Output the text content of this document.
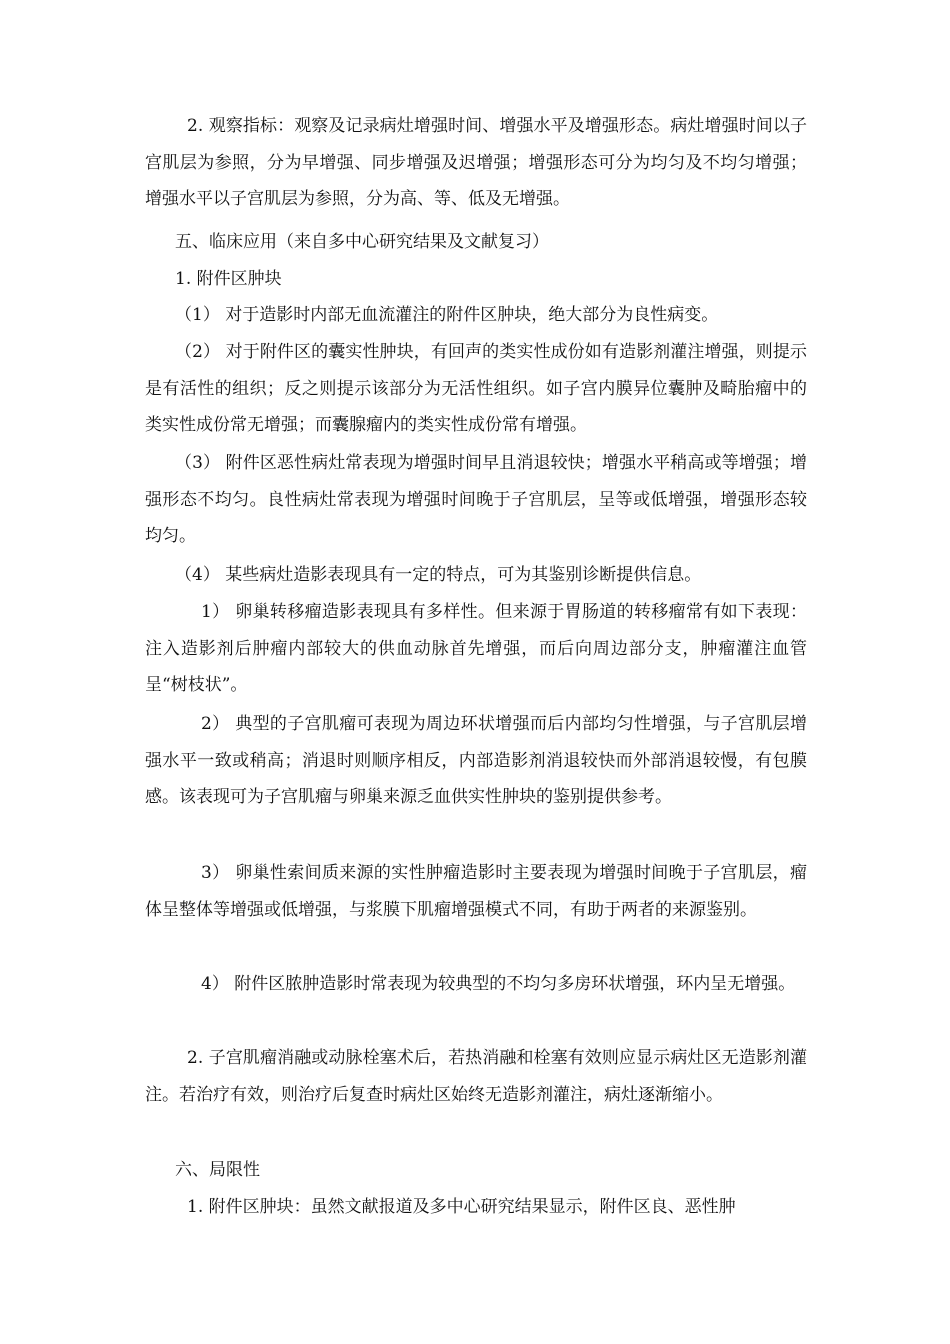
2. 观察指标：观察及记录病灶增强时间、增强水平及增强形态。病灶增强时间以子宫肌层为参照，分为早增强、同步增强及迟增强；增强形态可分为均匀及不均匀增强；增强水平以子宫肌层为参照，分为高、等、低及无增强。

五、临床应用（来自多中心研究结果及文献复习）

1. 附件区肿块

（1） 对于造影时内部无血流灌注的附件区肿块，绝大部分为良性病变。

（2） 对于附件区的囊实性肿块，有回声的类实性成份如有造影剂灌注增强，则提示是有活性的组织；反之则提示该部分为无活性组织。如子宫内膜异位囊肿及畸胎瘤中的类实性成份常无增强；而囊腺瘤内的类实性成份常有增强。

（3） 附件区恶性病灶常表现为增强时间早且消退较快；增强水平稍高或等增强；增强形态不均匀。良性病灶常表现为增强时间晚于子宫肌层，呈等或低增强，增强形态较均匀。

（4） 某些病灶造影表现具有一定的特点，可为其鉴别诊断提供信息。

1） 卵巢转移瘤造影表现具有多样性。但来源于胃肠道的转移瘤常有如下表现：注入造影剂后肿瘤内部较大的供血动脉首先增强，而后向周边部分支，肿瘤灌注血管呈“树枝状”。

2） 典型的子宫肌瘤可表现为周边环状增强而后内部均匀性增强，与子宫肌层增强水平一致或稍高；消退时则顺序相反，内部造影剂消退较快而外部消退较慢，有包膜感。该表现可为子宫肌瘤与卵巢来源乏血供实性肿块的鉴别提供参考。

3） 卵巢性索间质来源的实性肿瘤造影时主要表现为增强时间晚于子宫肌层，瘤体呈整体等增强或低增强，与浆膜下肌瘤增强模式不同，有助于两者的来源鉴别。

4） 附件区脓肿造影时常表现为较典型的不均匀多房环状增强，环内呈无增强。

2. 子宫肌瘤消融或动脉栓塞术后，若热消融和栓塞有效则应显示病灶区无造影剂灌注。若治疗有效，则治疗后复查时病灶区始终无造影剂灌注，病灶逐渐缩小。

六、局限性

1. 附件区肿块：虽然文献报道及多中心研究结果显示，附件区良、恶性肿
